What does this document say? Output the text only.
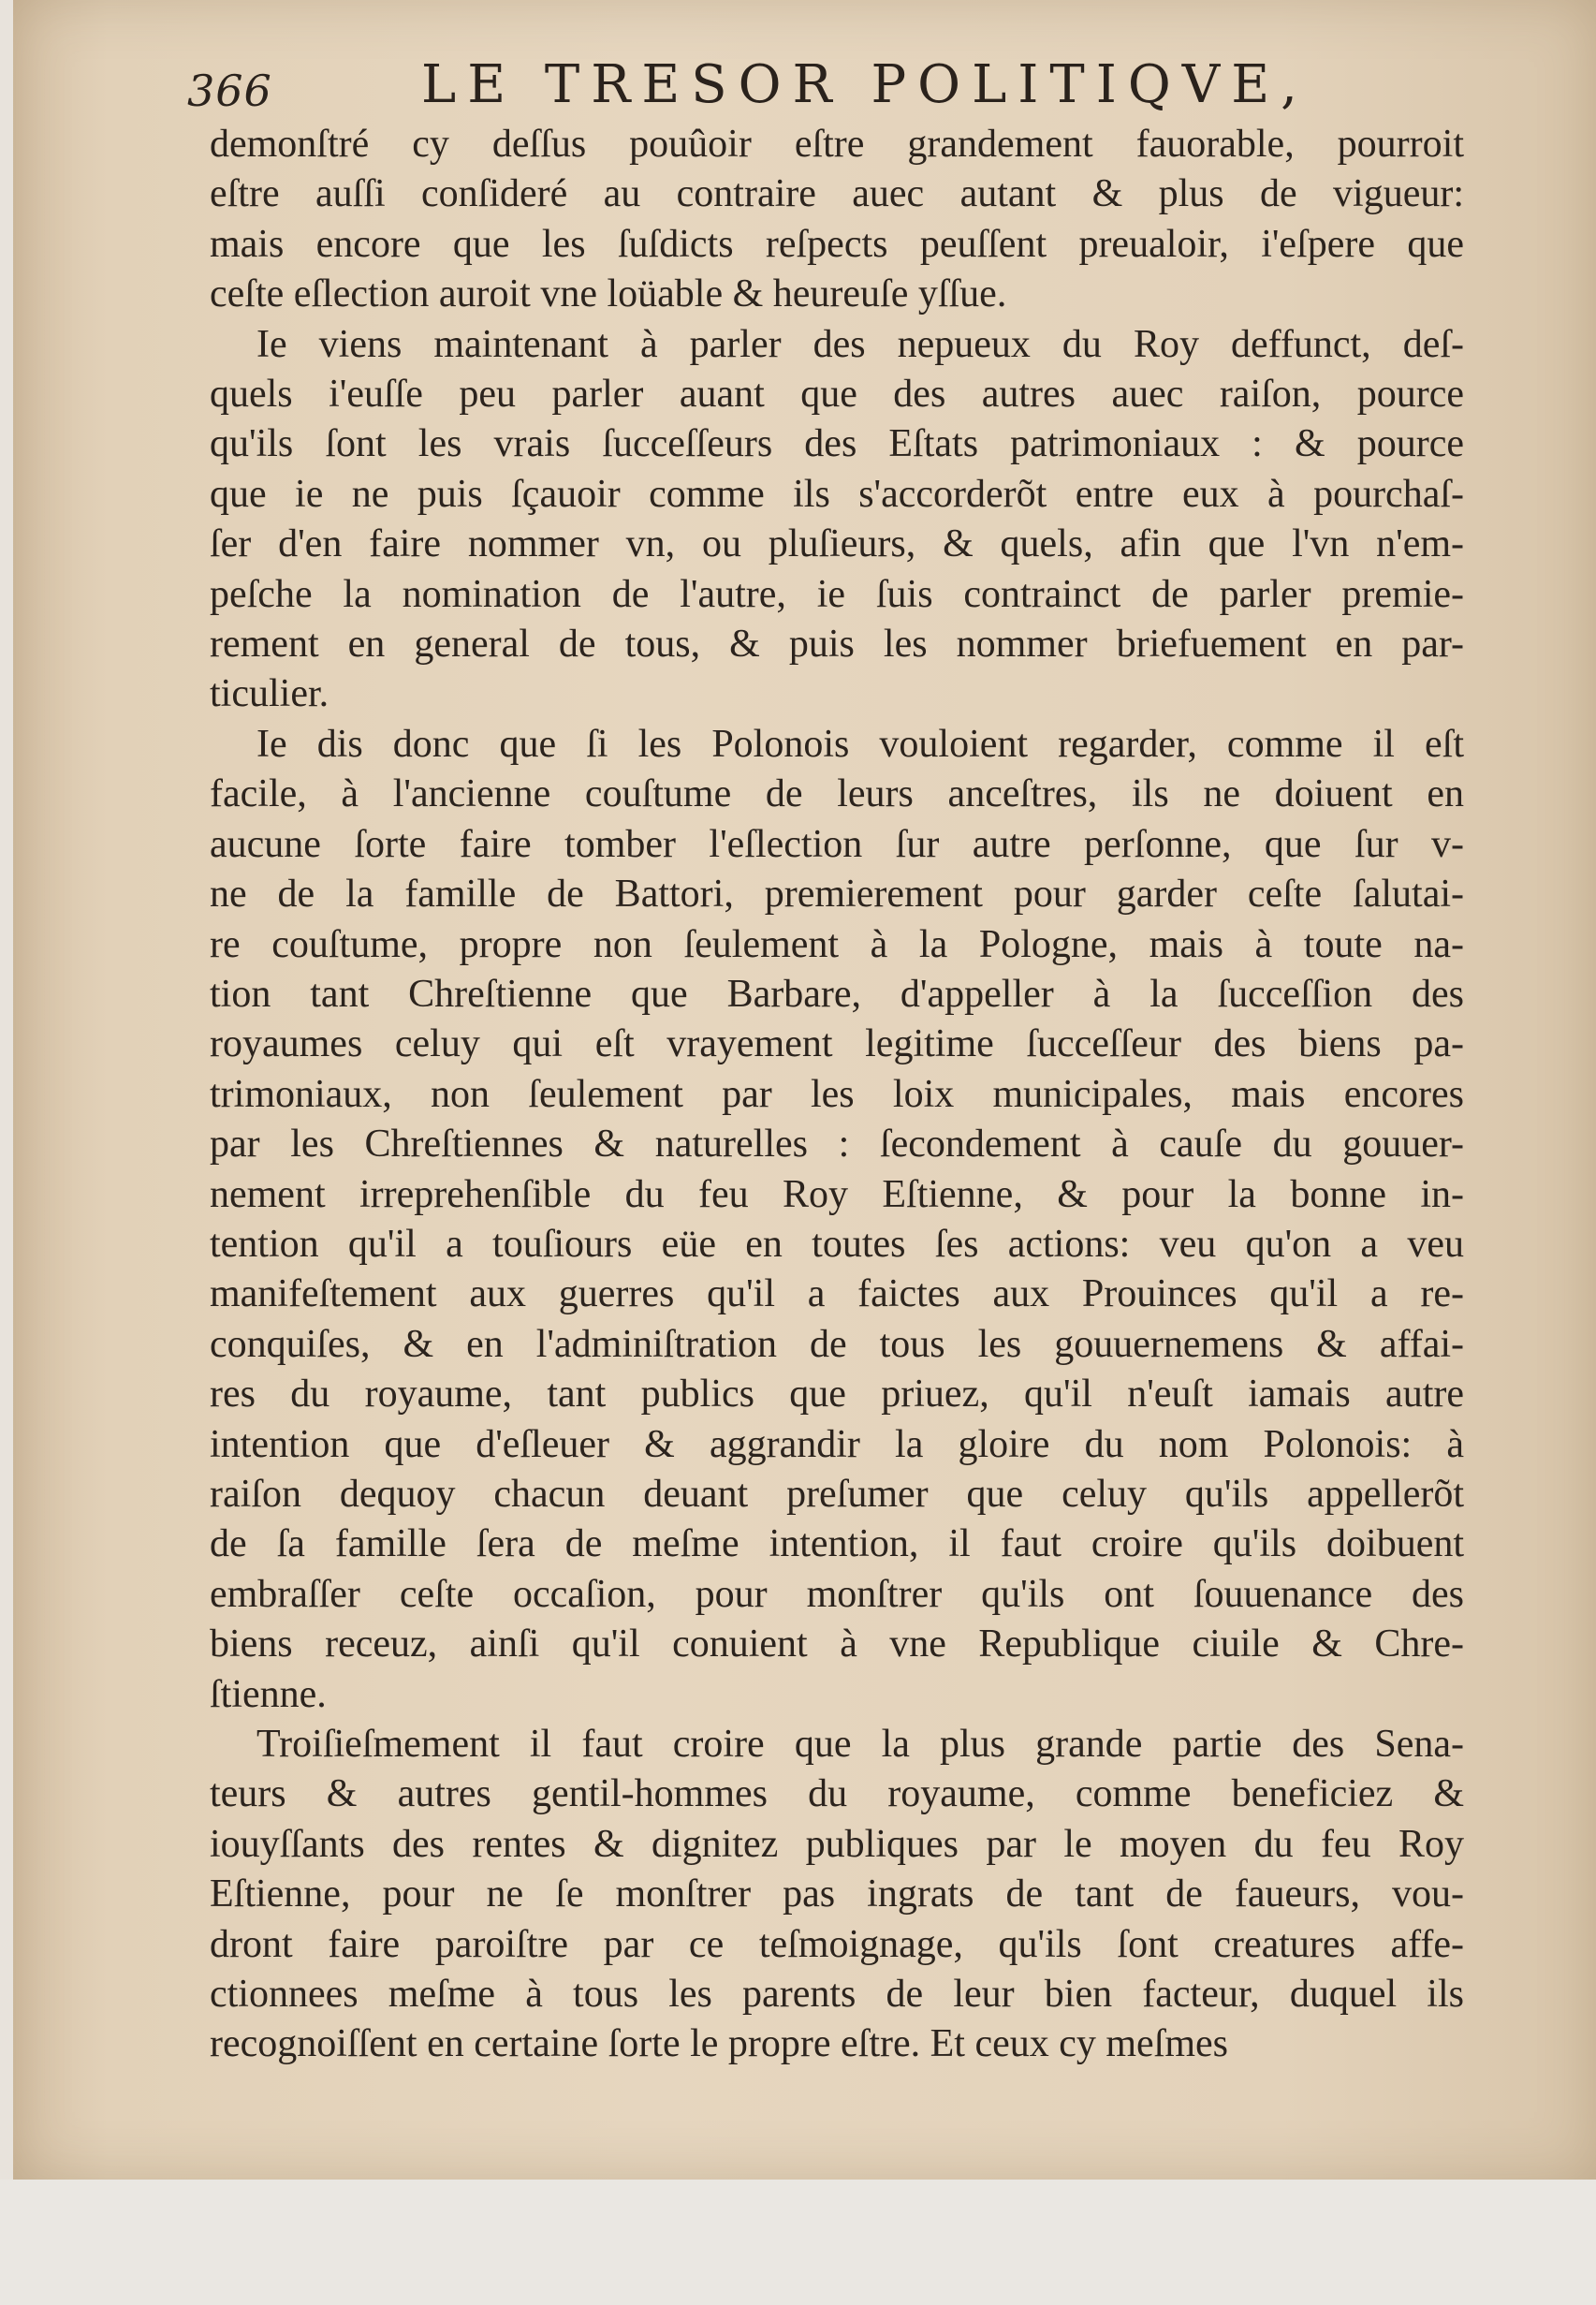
366	LE TRESOR POLITIQVE,
demonſtré cy deſſus pouûoir eſtre grandement fauorable, pourroit
eſtre auſſi conſideré au contraire auec autant & plus de vigueur:
mais encore que les ſuſdicts reſpects peuſſent preualoir, i'eſpere que
ceſte eſlection auroit vne loüable & heureuſe yſſue.
Ie viens maintenant à parler des nepueux du Roy deffunct, deſ-
quels i'euſſe peu parler auant que des autres auec raiſon, pource
qu'ils ſont les vrais ſucceſſeurs des Eſtats patrimoniaux : & pource
que ie ne puis ſçauoir comme ils s'accorderõt entre eux à pourchaſ-
ſer d'en faire nommer vn, ou pluſieurs, & quels, afin que l'vn n'em-
peſche la nomination de l'autre, ie ſuis contrainct de parler premie-
rement en general de tous, & puis les nommer briefuement en par-
ticulier.
Ie dis donc que ſi les Polonois vouloient regarder, comme il eſt
facile, à l'ancienne couſtume de leurs anceſtres, ils ne doiuent en
aucune ſorte faire tomber l'eſlection ſur autre perſonne, que ſur v-
ne de la famille de Battori, premierement pour garder ceſte ſalutai-
re couſtume, propre non ſeulement à la Pologne, mais à toute na-
tion tant Chreſtienne que Barbare, d'appeller à la ſucceſſion des
royaumes celuy qui eſt vrayement legitime ſucceſſeur des biens pa-
trimoniaux, non ſeulement par les loix municipales, mais encores
par les Chreſtiennes & naturelles : ſecondement à cauſe du gouuer-
nement irreprehenſible du feu Roy Eſtienne, & pour la bonne in-
tention qu'il a touſiours eüe en toutes ſes actions: veu qu'on a veu
manifeſtement aux guerres qu'il a faictes aux Prouinces qu'il a re-
conquiſes, & en l'adminiſtration de tous les gouuernemens & affai-
res du royaume, tant publics que priuez, qu'il n'euſt iamais autre
intention que d'eſleuer & aggrandir la gloire du nom Polonois: à
raiſon dequoy chacun deuant preſumer que celuy qu'ils appellerõt
de ſa famille ſera de meſme intention, il faut croire qu'ils doibuent
embraſſer ceſte occaſion, pour monſtrer qu'ils ont ſouuenance des
biens receuz, ainſi qu'il conuient à vne Republique ciuile & Chre-
ſtienne.
Troiſieſmement il faut croire que la plus grande partie des Sena-
teurs & autres gentil-hommes du royaume, comme beneficiez &
iouyſſants des rentes & dignitez publiques par le moyen du feu Roy
Eſtienne, pour ne ſe monſtrer pas ingrats de tant de faueurs, vou-
dront faire paroiſtre par ce teſmoignage, qu'ils ſont creatures affe-
ctionnees meſme à tous les parents de leur bien facteur, duquel ils
recognoiſſent en certaine ſorte le propre eſtre. Et ceux cy meſmes
